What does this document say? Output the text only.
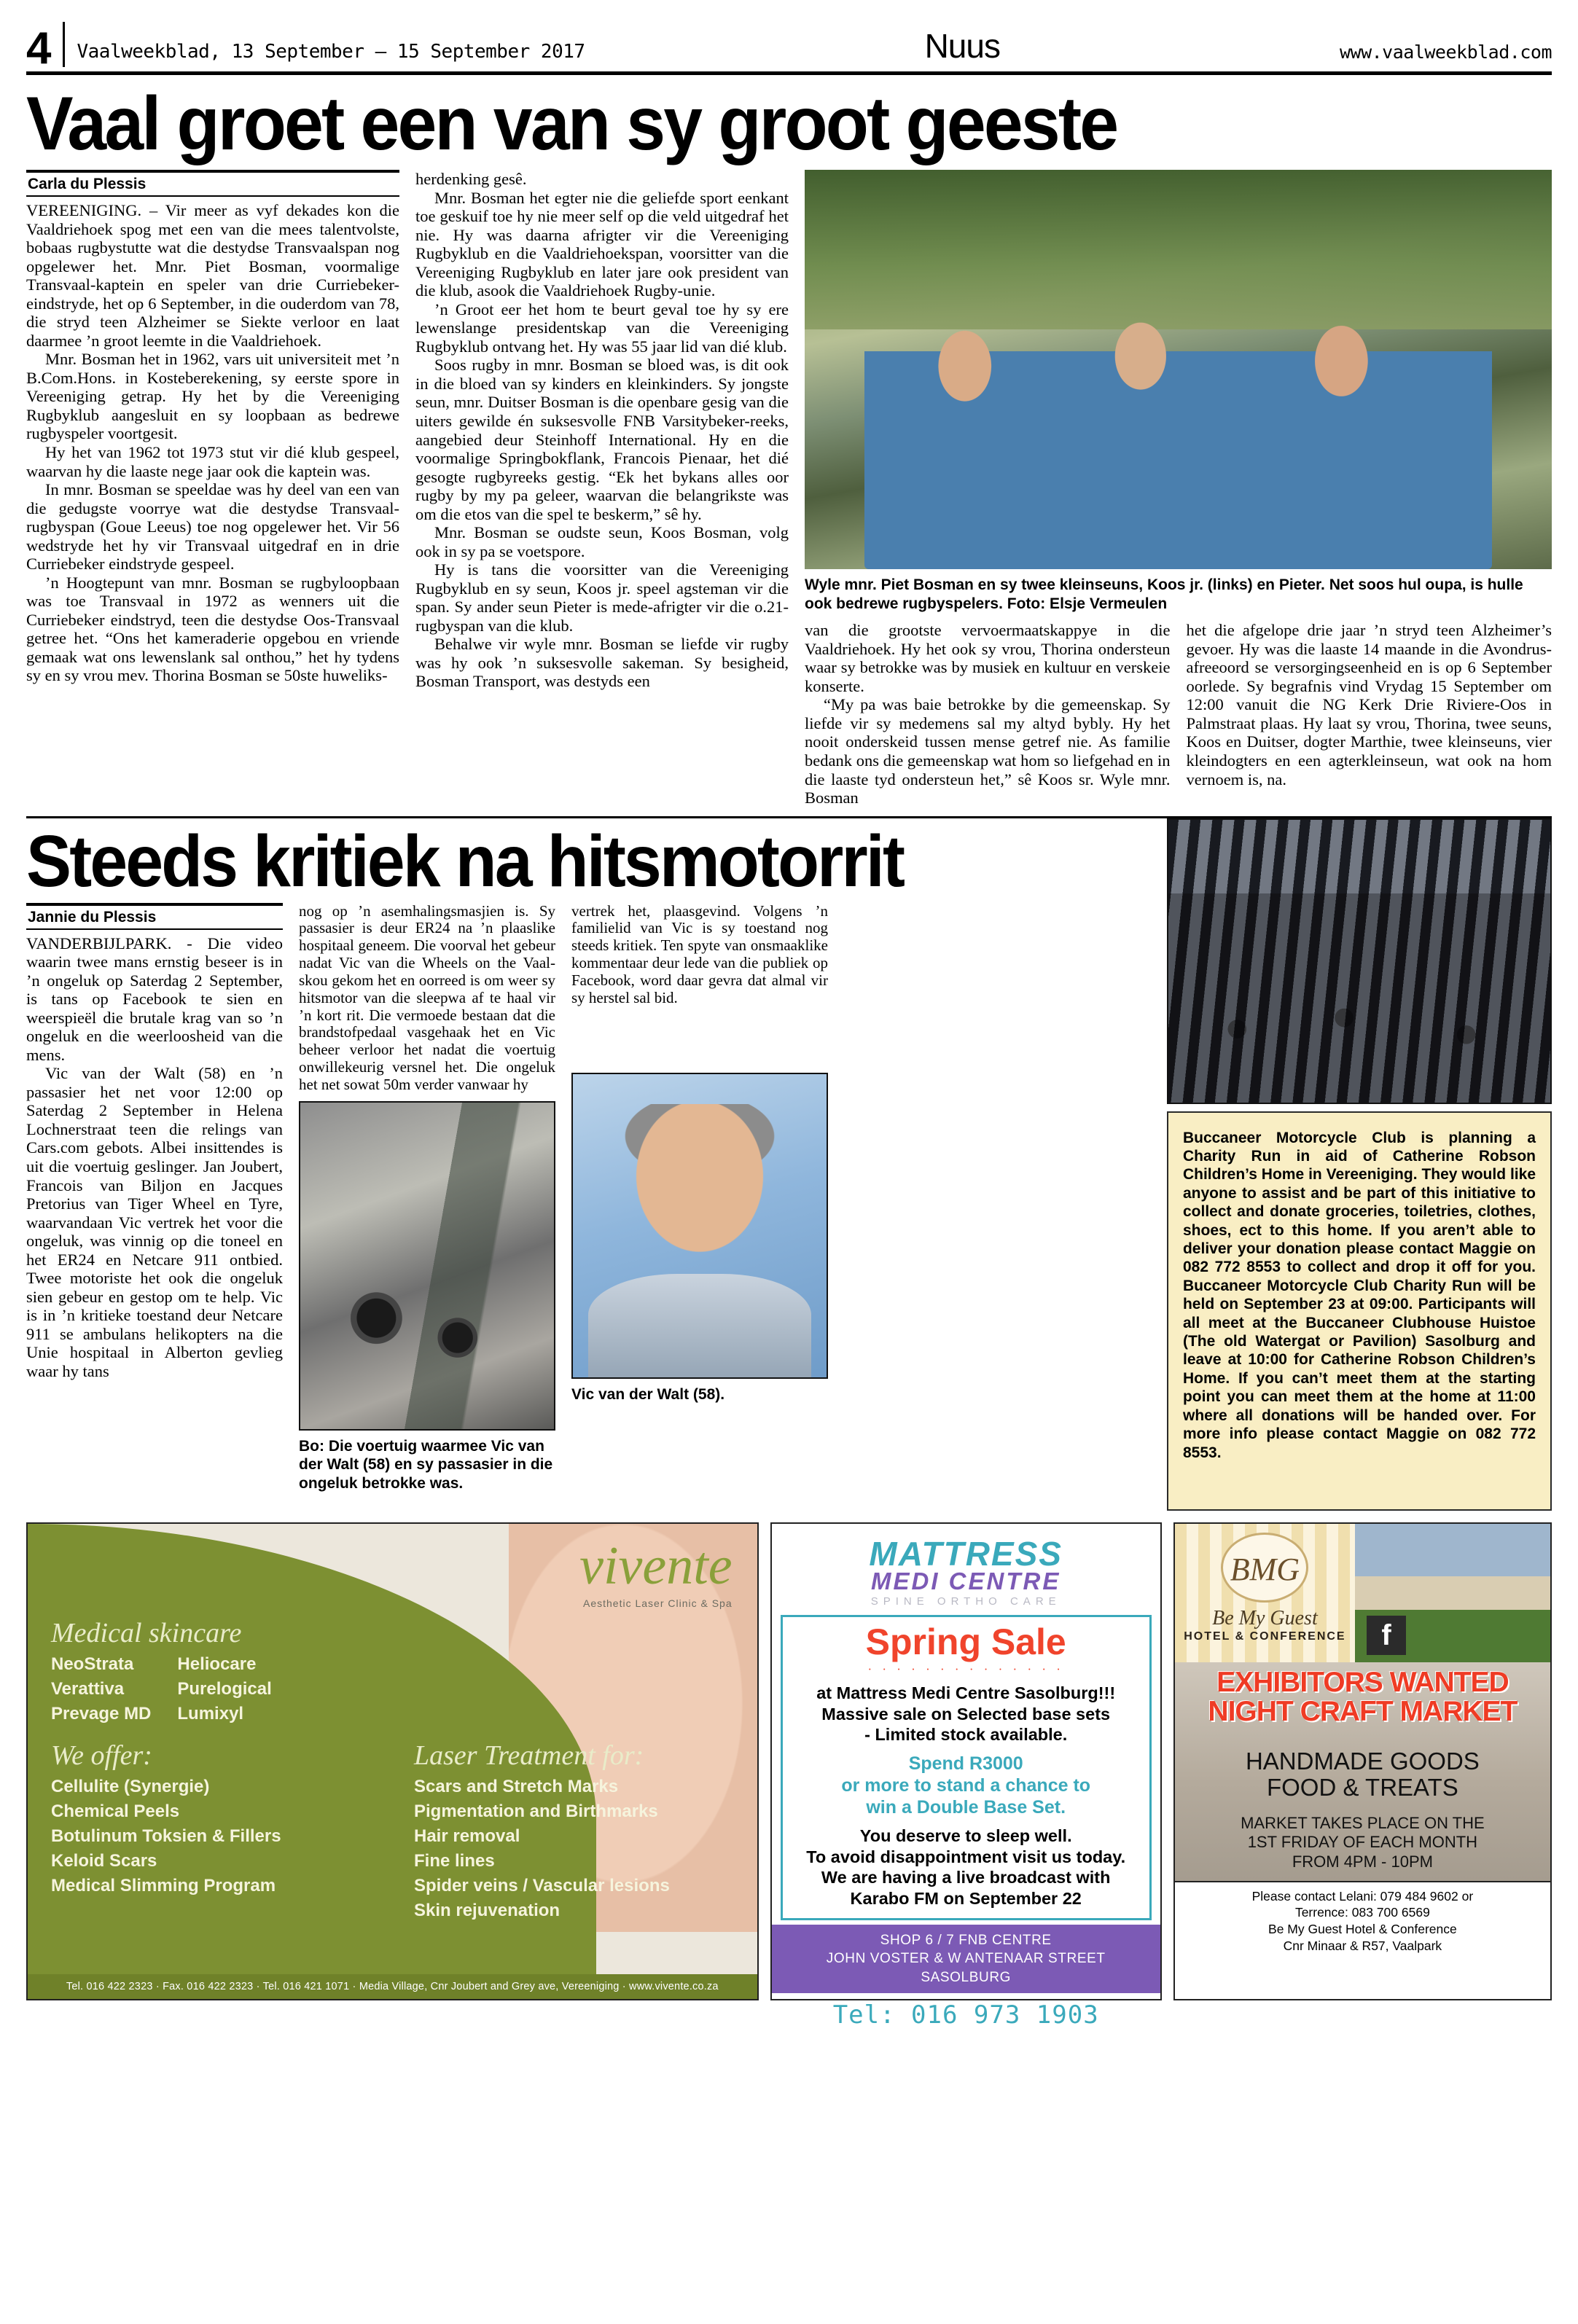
4	Vaalweekblad, 13 September – 15 September 2017	Nuus	www.vaalweekblad.com
Vaal groet een van sy groot geeste
Carla du Plessis

VEREENIGING. – Vir meer as vyf dekades kon die Vaaldriehoek spog met een van die mees talentvolste, bobaas rugbystutte wat die destydse Transvaalspan nog opgelewer het. Mnr. Piet Bosman, voormalige Transvaal-kaptein en speler van drie Curriebeker-eindstryde, het op 6 September, in die ouderdom van 78, die stryd teen Alzheimer se Siekte verloor en laat daarmee ’n groot leemte in die Vaaldriehoek.

Mnr. Bosman het in 1962, vars uit universiteit met ’n B.Com.Hons. in Kosteberekening, sy eerste spore in Vereeniging getrap. Hy het by die Vereeniging Rugbyklub aangesluit en sy loopbaan as bedrewe rugbyspeler voortgesit.

Hy het van 1962 tot 1973 stut vir dié klub gespeel, waarvan hy die laaste nege jaar ook die kaptein was.

In mnr. Bosman se speeldae was hy deel van een van die gedugste voorrye wat die destydse Transvaal-rugbyspan (Goue Leeus) toe nog opgelewer het. Vir 56 wedstryde het hy vir Transvaal uitgedraf en in drie Curriebeker eindstryde gespeel.

’n Hoogtepunt van mnr. Bosman se rugbyloopbaan was toe Transvaal in 1972 as wenners uit die Curriebeker eindstryd, teen die destydse Oos-Transvaal getree het. “Ons het kameraderie opgebou en vriende gemaak wat ons lewenslank sal onthou,” het hy tydens sy en sy vrou mev. Thorina Bosman se 50ste huweliks-

herdenking gesê.

Mnr. Bosman het egter nie die geliefde sport eenkant toe geskuif toe hy nie meer self op die veld uitgedraf het nie. Hy was daarna afrigter vir die Vereeniging Rugbyklub en die Vaaldriehoekspan, voorsitter van die Vereeniging Rugbyklub en later jare ook president van die klub, asook die Vaaldriehoek Rugby-unie.

’n Groot eer het hom te beurt geval toe hy sy ere lewenslange presidentskap van die Vereeniging Rugbyklub ontvang het. Hy was 55 jaar lid van dié klub.

Soos rugby in mnr. Bosman se bloed was, is dit ook in die bloed van sy kinders en kleinkinders. Sy jongste seun, mnr. Duitser Bosman is die openbare gesig van die uiters gewilde én suksesvolle FNB Varsitybeker-reeks, aangebied deur Steinhoff International. Hy en die voormalige Springbokflank, Francois Pienaar, het dié gesogte rugbyreeks gestig. “Ek het bykans alles oor rugby by my pa geleer, waarvan die belangrikste was om die etos van die spel te beskerm,” sê hy.

Mnr. Bosman se oudste seun, Koos Bosman, volg ook in sy pa se voetspore.

Hy is tans die voorsitter van die Vereeniging Rugbyklub en sy seun, Koos jr. speel agsteman vir die span. Sy ander seun Pieter is mede-afrigter vir die o.21-rugbyspan van die klub.

Behalwe vir wyle mnr. Bosman se liefde vir rugby was hy ook ’n suksesvolle sakeman. Sy besigheid, Bosman Transport, was destyds een

Wyle mnr. Piet Bosman en sy twee kleinseuns, Koos jr. (links) en Pieter. Net soos hul oupa, is hulle ook bedrewe rugbyspelers. Foto: Elsje Vermeulen

van die grootste vervoermaatskappye in die Vaaldriehoek. Hy het ook sy vrou, Thorina ondersteun waar sy betrokke was by musiek en kultuur en verskeie konserte.

“My pa was baie betrokke by die gemeenskap. Sy liefde vir sy medemens sal my altyd bybly. Hy het nooit onderskeid tussen mense getref nie. As familie bedank ons die gemeenskap wat hom so liefgehad en in die laaste tyd ondersteun het,” sê Koos sr. Wyle mnr. Bosman

het die afgelope drie jaar ’n stryd teen Alzheimer’s gevoer. Hy was die laaste 14 maande in die Avondrus-afreeoord se versorgingseenheid en is op 6 September oorlede. Sy begrafnis vind Vrydag 15 September om 12:00 vanuit die NG Kerk Drie Riviere-Oos in Palmstraat plaas. Hy laat sy vrou, Thorina, twee seuns, Koos en Duitser, dogter Marthie, twee kleinseuns, vier kleindogters en een agterkleinseun, wat ook na hom vernoem is, na.

Steeds kritiek na hitsmotorrit
Jannie du Plessis

VANDERBIJLPARK. - Die video waarin twee mans ernstig beseer is in ’n ongeluk op Saterdag 2 September, is tans op Facebook te sien en weerspieël die brutale krag van so ’n ongeluk en die weerloosheid van die mens.

Vic van der Walt (58) en ’n passasier het net voor 12:00 op Saterdag 2 September in Helena Lochnerstraat teen die relings van Cars.com gebots. Albei insittendes is uit die voertuig geslinger. Jan Joubert, Francois van Biljon en Jacques Pretorius van Tiger Wheel en Tyre, waarvandaan Vic vertrek het voor die ongeluk, was vinnig op die toneel en het ER24 en Netcare 911 ontbied. Twee motoriste het ook die ongeluk sien gebeur en gestop om te help. Vic is in ’n kritieke toestand deur Netcare 911 se ambulans helikopters na die Unie hospitaal in Alberton gevlieg waar hy tans

nog op ’n asemhalingsmasjien is. Sy passasier is deur ER24 na ’n plaaslike hospitaal geneem. Die voorval het gebeur nadat Vic van die Wheels on the Vaal-skou gekom het en oorreed is om weer sy hitsmotor van die sleepwa af te haal vir ’n kort rit. Die vermoede bestaan dat die brandstofpedaal vasgehaak het en Vic beheer verloor het nadat die voertuig onwillekeurig versnel het. Die ongeluk het net sowat 50m verder vanwaar hy

Bo: Die voertuig waarmee Vic van der Walt (58) en sy passasier in die ongeluk betrokke was.

vertrek het, plaasgevind. Volgens ’n familielid van Vic is sy toestand nog steeds kritiek. Ten spyte van onsmaaklike kommentaar deur lede van die publiek op Facebook, word daar gevra dat almal vir sy herstel sal bid.

Vic van der Walt (58).

Buccaneer Motorcycle Club is planning a Charity Run in aid of Catherine Robson Children’s Home in Vereeniging. They would like anyone to assist and be part of this initiative to collect and donate groceries, toiletries, clothes, shoes, ect to this home. If you aren’t able to deliver your donation please contact Maggie on 082 772 8553 to collect and drop it off for you. Buccaneer Motorcycle Club Charity Run will be held on September 23 at 09:00. Participants will all meet at the Buccaneer Clubhouse Huistoe (The old Watergat or Pavilion) Sasolburg and leave at 10:00 for Catherine Robson Children’s Home. If you can’t meet them at the starting point you can meet them at the home at 11:00 where all donations will be handed over. For more info please contact Maggie on 082 772 8553.

vivente
Aesthetic Laser Clinic & Spa
Medical skincare
NeoStrata
Verattiva
Prevage MD
Heliocare
Purelogical
Lumixyl
We offer:
Cellulite (Synergie)
Chemical Peels
Botulinum Toksien & Fillers
Keloid Scars
Medical Slimming Program
Laser Treatment for:
Scars and Stretch Marks
Pigmentation and Birthmarks
Hair removal
Fine lines
Spider veins / Vascular lesions
Skin rejuvenation
Tel. 016 422 2323 · Fax. 016 422 2323 · Tel. 016 421 1071 · Media Village, Cnr Joubert and Grey ave, Vereeniging · www.vivente.co.za
MATTRESS
MEDI CENTRE
SPINE ORTHO CARE
Spring Sale
· · · · · · · · · · · · · ·
at Mattress Medi Centre Sasolburg!!!
Massive sale on Selected base sets
- Limited stock available.
Spend R3000
or more to stand a chance to
win a Double Base Set.
You deserve to sleep well.
To avoid disappointment visit us today.
We are having a live broadcast with
Karabo FM on September 22
SHOP 6 / 7 FNB CENTRE
JOHN VOSTER & W ANTENAAR STREET
SASOLBURG
Tel: 016 973 1903
BMG
Be My Guest
HOTEL & CONFERENCE	f
EXHIBITORS WANTED
NIGHT CRAFT MARKET
HANDMADE GOODS
FOOD & TREATS
MARKET TAKES PLACE ON THE
1ST FRIDAY OF EACH MONTH
FROM 4PM - 10PM
Please contact Lelani: 079 484 9602 or
Terrence: 083 700 6569
Be My Guest Hotel & Conference
Cnr Minaar & R57, Vaalpark
